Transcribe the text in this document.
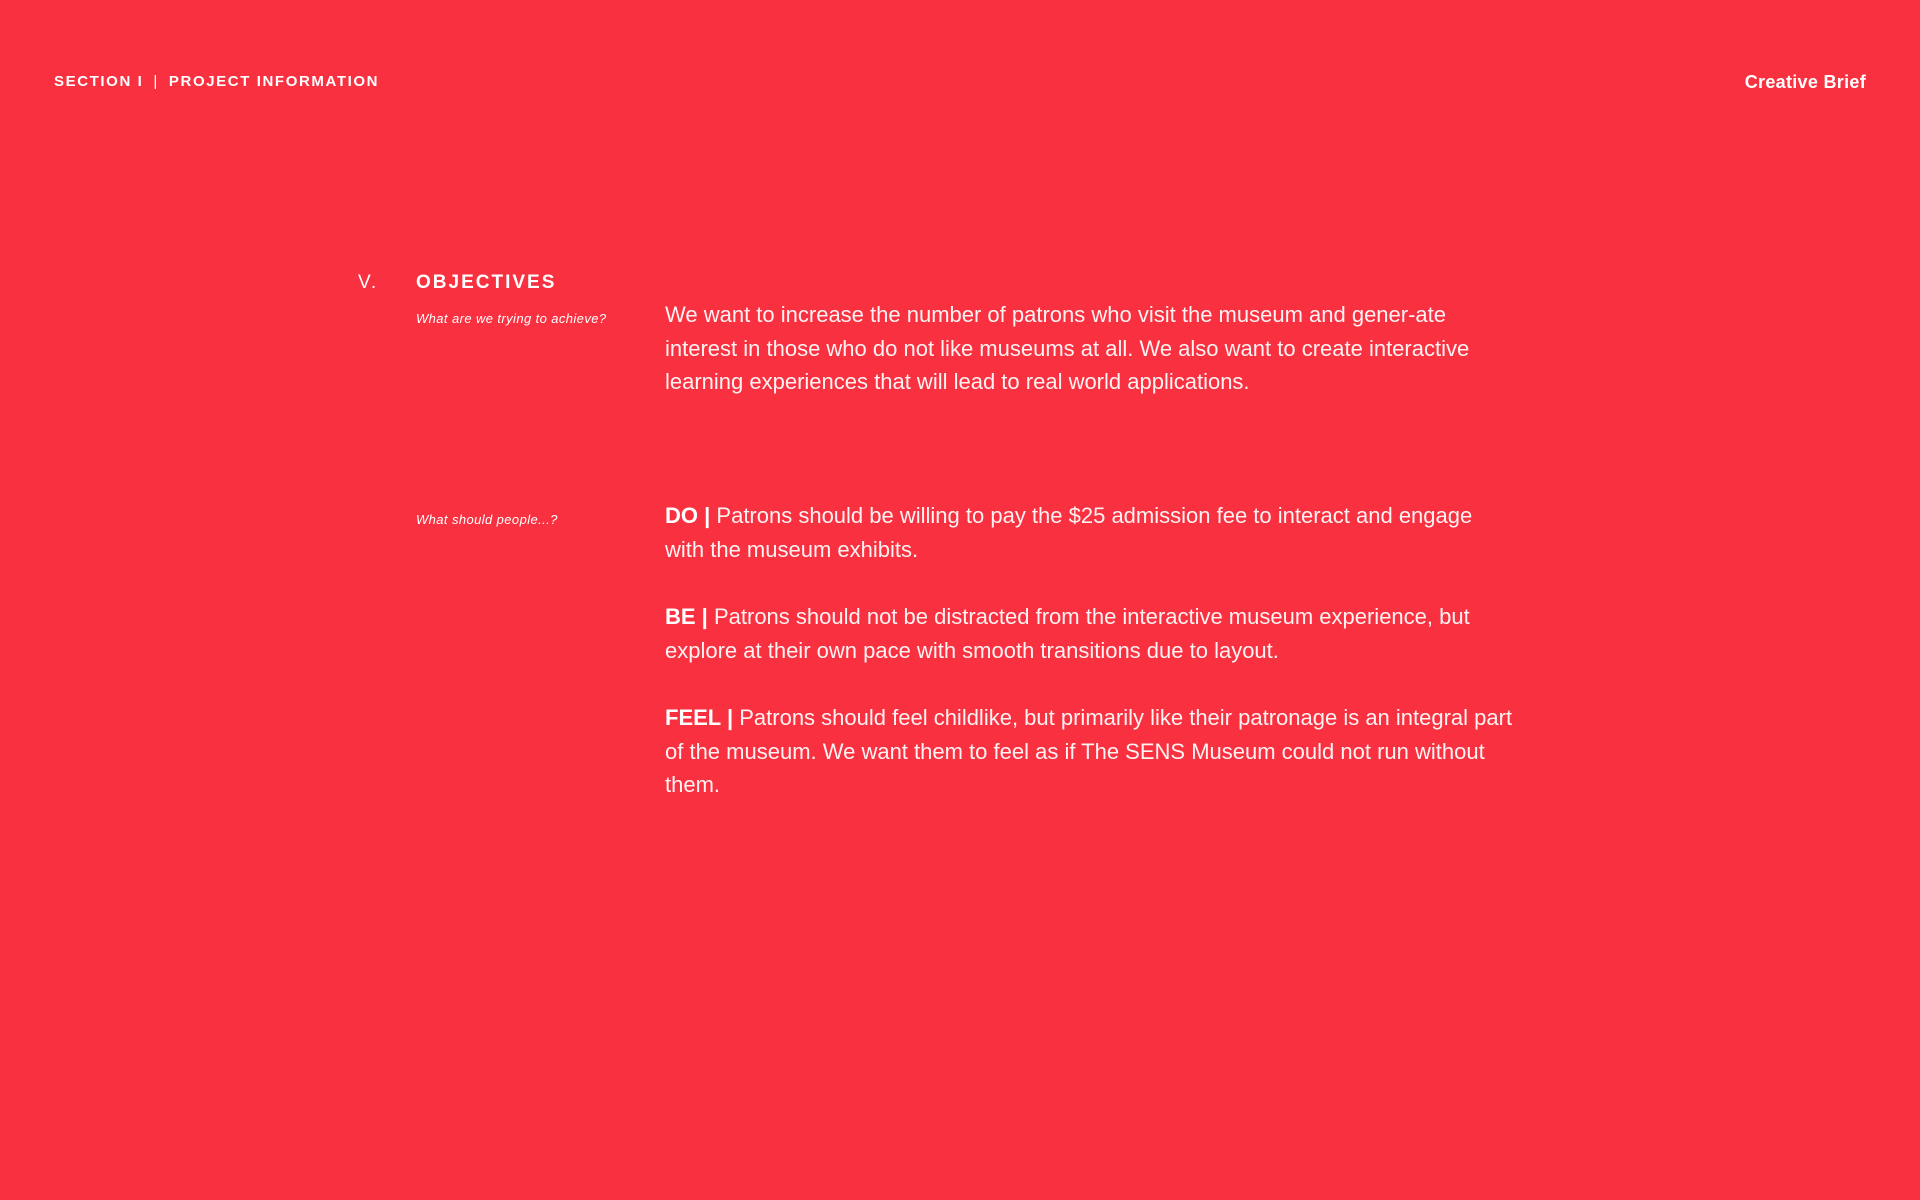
SECTION I | PROJECT INFORMATION	Creative Brief
V. OBJECTIVES
What are we trying to achieve?	We want to increase the number of patrons who visit the museum and gener-ate interest in those who do not like museums at all. We also want to create interactive learning experiences that will lead to real world applications.
What should people...?	DO | Patrons should be willing to pay the $25 admission fee to interact and engage with the museum exhibits.
BE | Patrons should not be distracted from the interactive museum experience, but explore at their own pace with smooth transitions due to layout.
FEEL | Patrons should feel childlike, but primarily like their patronage is an integral part of the museum. We want them to feel as if The SENS Museum could not run without them.
